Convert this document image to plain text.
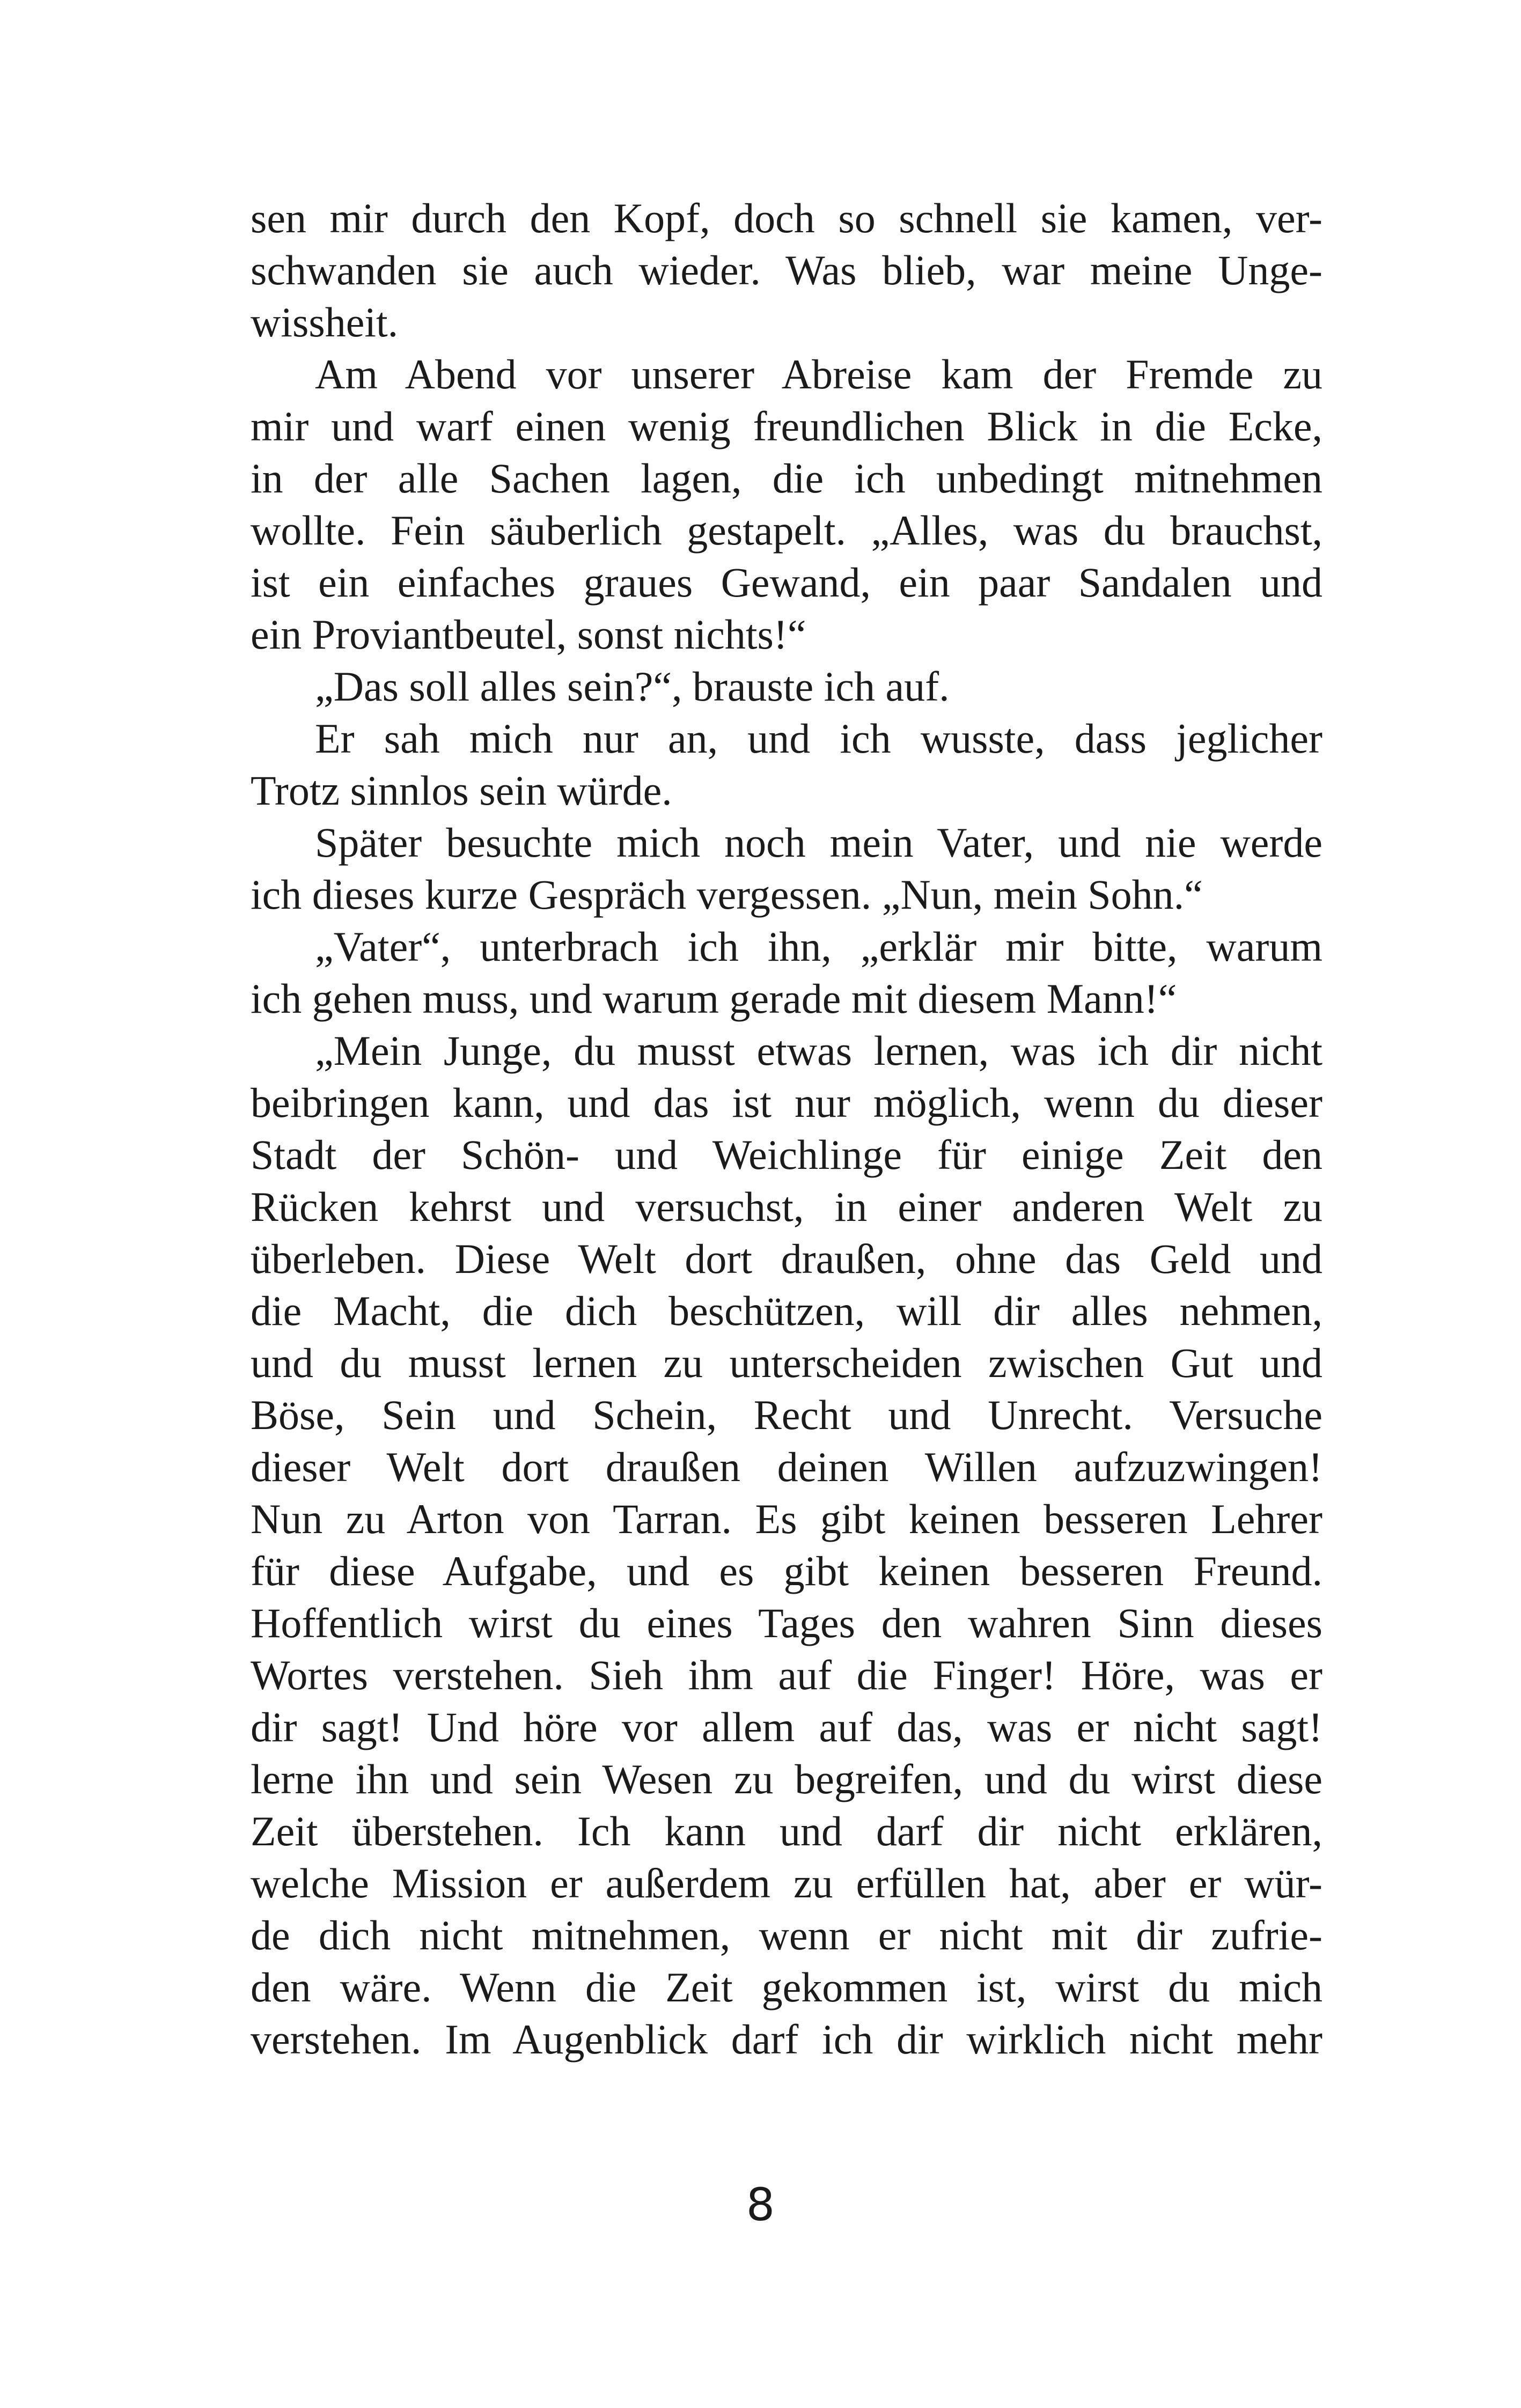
sen mir durch den Kopf, doch so schnell sie kamen, ver-
schwanden sie auch wieder. Was blieb, war meine Unge-
wissheit.
Am Abend vor unserer Abreise kam der Fremde zu
mir und warf einen wenig freundlichen Blick in die Ecke,
in der alle Sachen lagen, die ich unbedingt mitnehmen
wollte. Fein säuberlich gestapelt. „Alles, was du brauchst,
ist ein einfaches graues Gewand, ein paar Sandalen und
ein Proviantbeutel, sonst nichts!“
„Das soll alles sein?“, brauste ich auf.
Er sah mich nur an, und ich wusste, dass jeglicher
Trotz sinnlos sein würde.
Später besuchte mich noch mein Vater, und nie werde
ich dieses kurze Gespräch vergessen. „Nun, mein Sohn.“
„Vater“, unterbrach ich ihn, „erklär mir bitte, warum
ich gehen muss, und warum gerade mit diesem Mann!“
„Mein Junge, du musst etwas lernen, was ich dir nicht
beibringen kann, und das ist nur möglich, wenn du dieser
Stadt der Schön- und Weichlinge für einige Zeit den
Rücken kehrst und versuchst, in einer anderen Welt zu
überleben. Diese Welt dort draußen, ohne das Geld und
die Macht, die dich beschützen, will dir alles nehmen,
und du musst lernen zu unterscheiden zwischen Gut und
Böse, Sein und Schein, Recht und Unrecht. Versuche
dieser Welt dort draußen deinen Willen aufzuzwingen!
Nun zu Arton von Tarran. Es gibt keinen besseren Lehrer
für diese Aufgabe, und es gibt keinen besseren Freund.
Hoffentlich wirst du eines Tages den wahren Sinn dieses
Wortes verstehen. Sieh ihm auf die Finger! Höre, was er
dir sagt! Und höre vor allem auf das, was er nicht sagt!
lerne ihn und sein Wesen zu begreifen, und du wirst diese
Zeit überstehen. Ich kann und darf dir nicht erklären,
welche Mission er außerdem zu erfüllen hat, aber er wür-
de dich nicht mitnehmen, wenn er nicht mit dir zufrie-
den wäre. Wenn die Zeit gekommen ist, wirst du mich
verstehen. Im Augenblick darf ich dir wirklich nicht mehr
8
